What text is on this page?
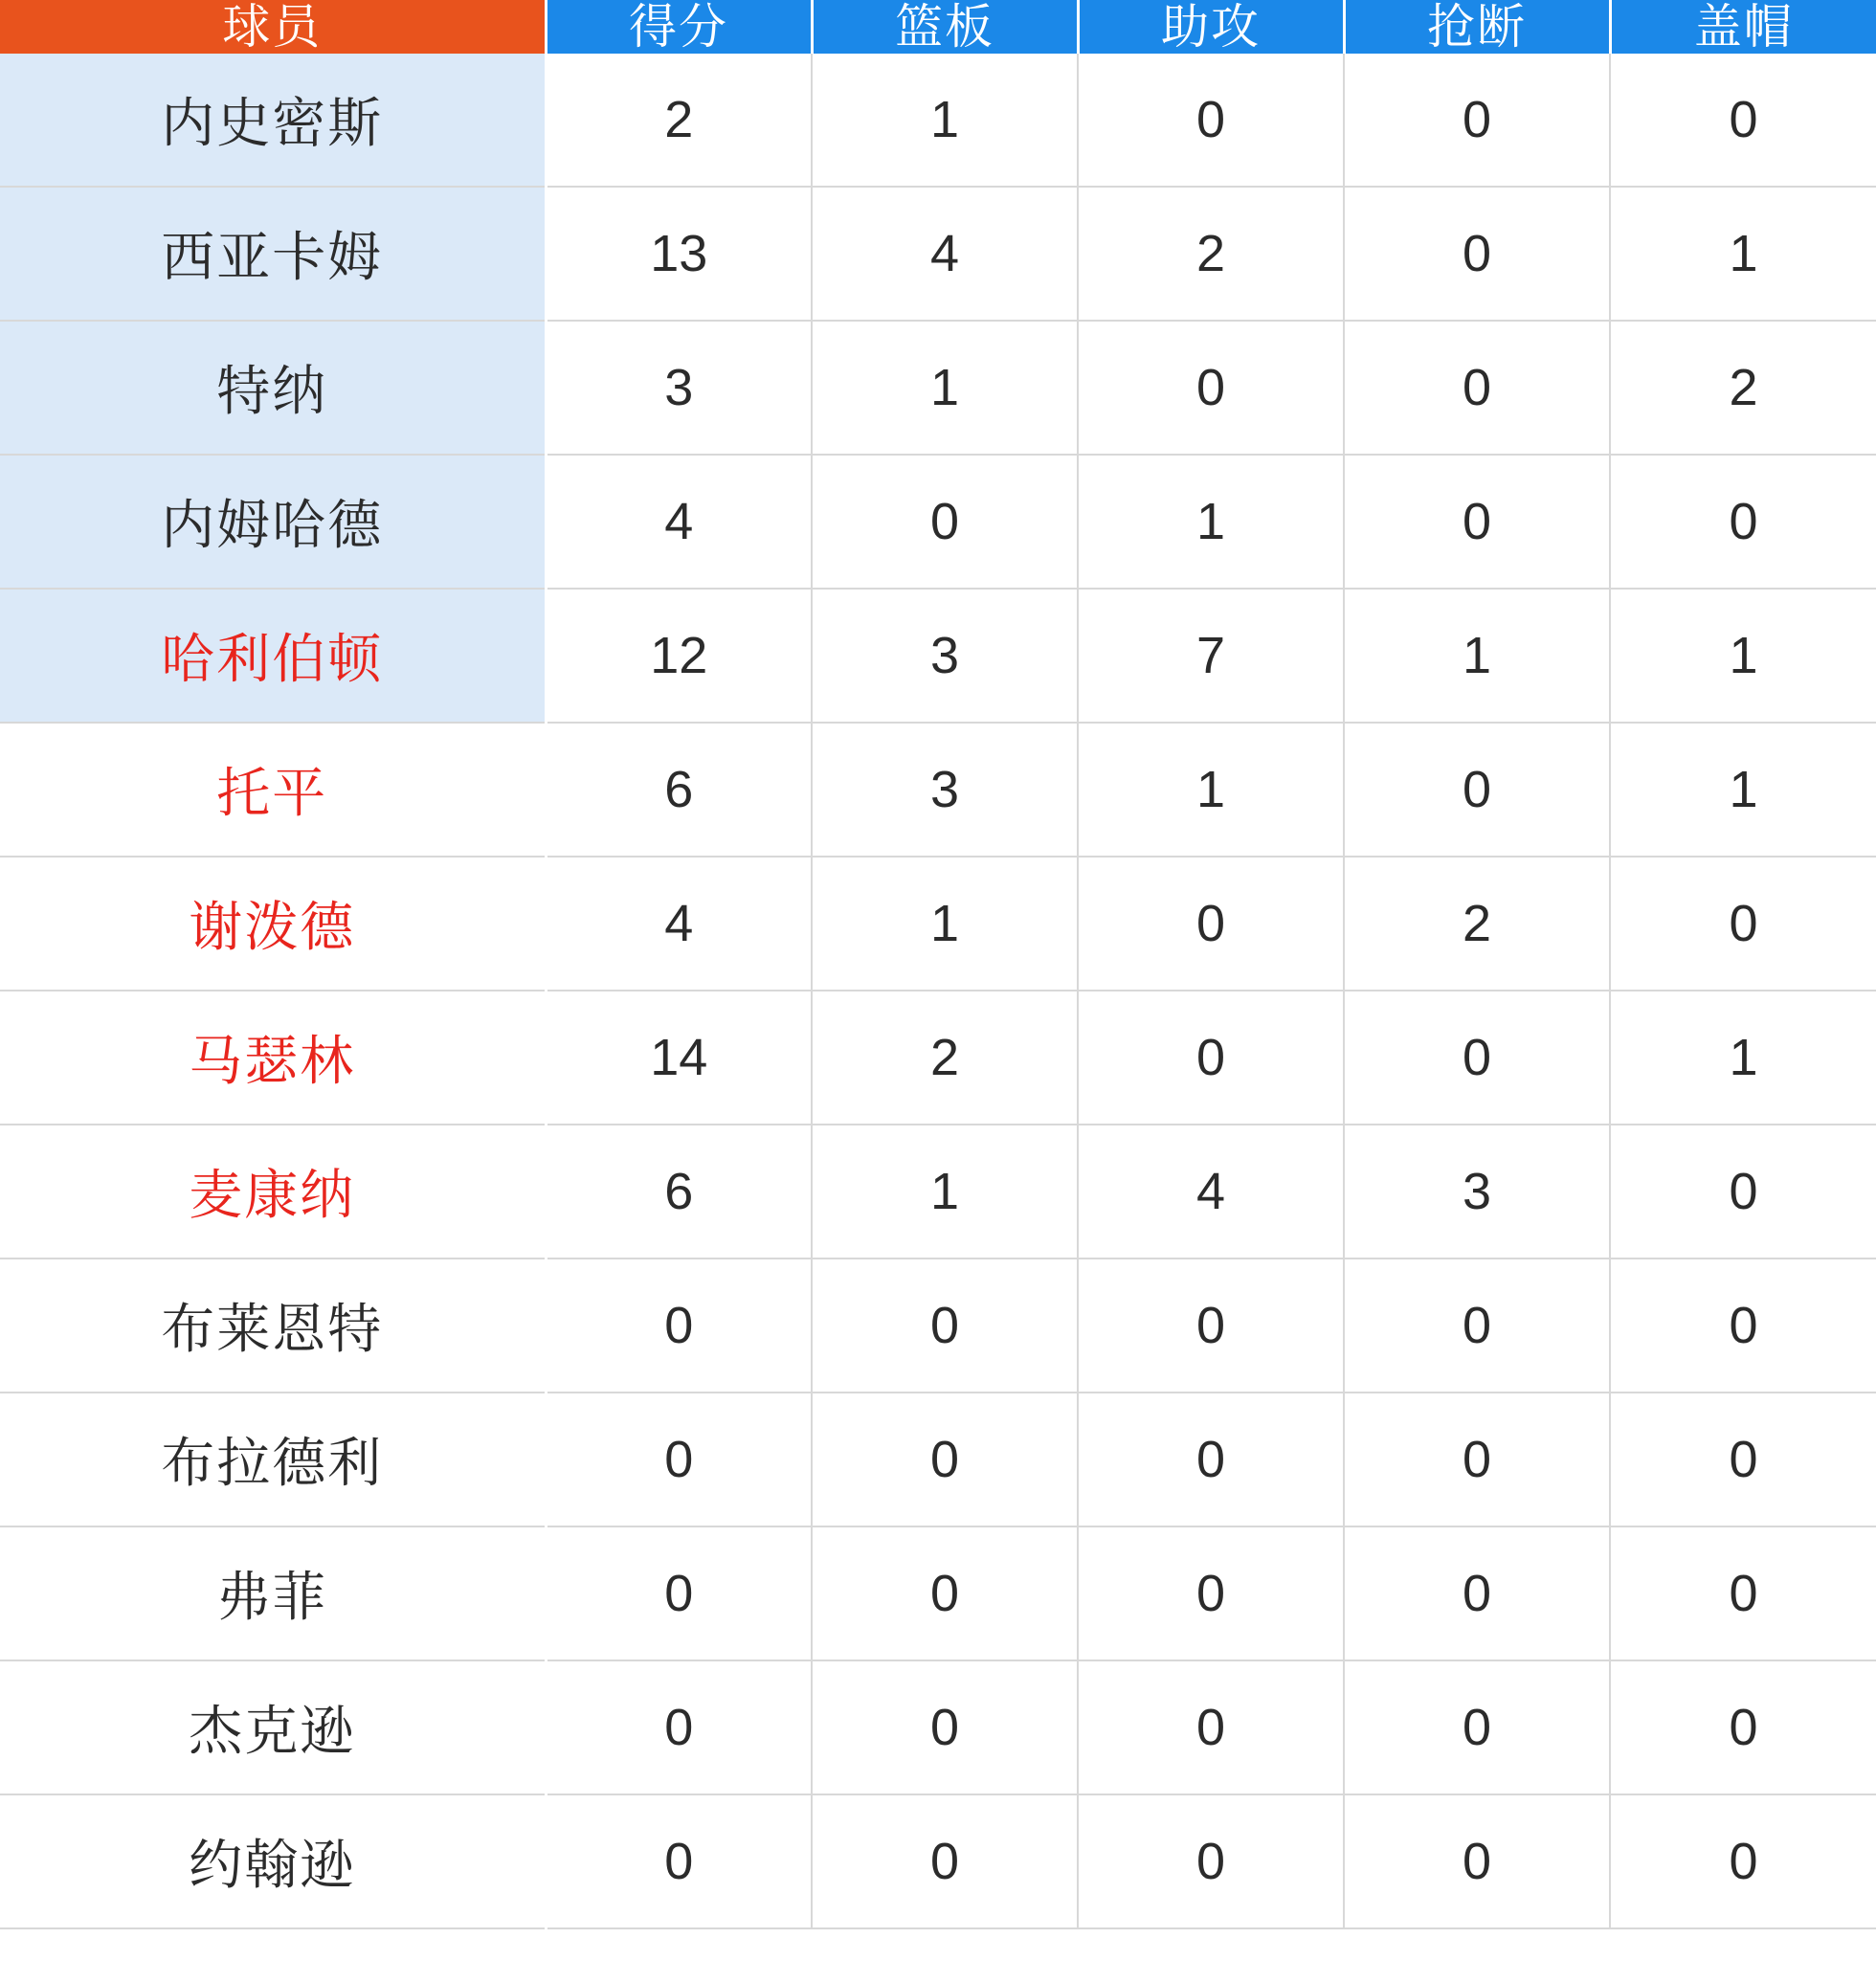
球员	得分	篮板	助攻	抢断	盖帽
内史密斯	2	1	0	0	0
西亚卡姆	13	4	2	0	1
特纳	3	1	0	0	2
内姆哈德	4	0	1	0	0
哈利伯顿	12	3	7	1	1
托平	6	3	1	0	1
谢泼德	4	1	0	2	0
马瑟林	14	2	0	0	1
麦康纳	6	1	4	3	0
布莱恩特	0	0	0	0	0
布拉德利	0	0	0	0	0
弗菲	0	0	0	0	0
杰克逊	0	0	0	0	0
约翰逊	0	0	0	0	0
